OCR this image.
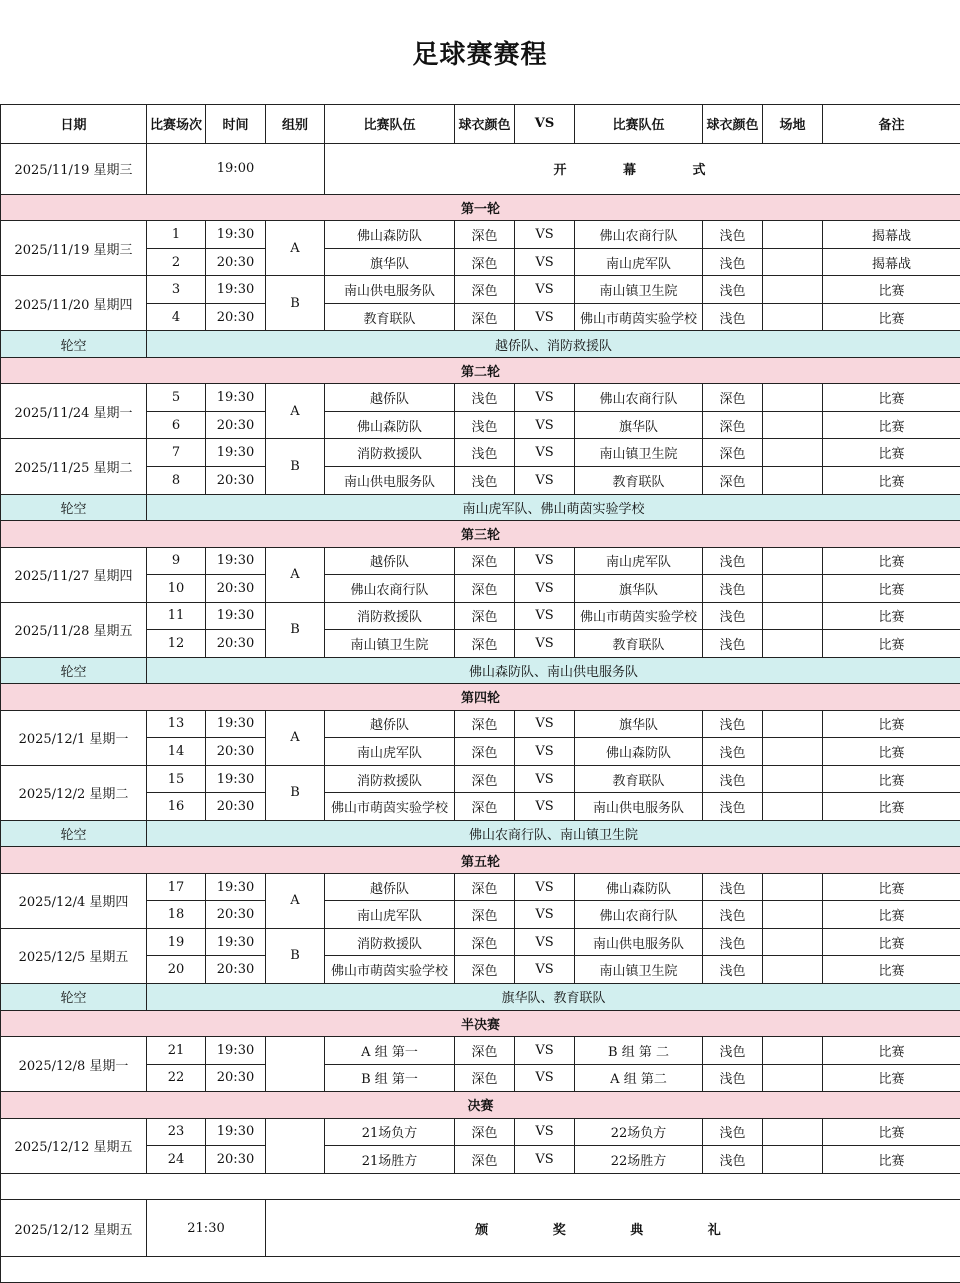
足球赛赛程
日期	比赛场次	时间	组别	比赛队伍	球衣颜色	VS	比赛队伍	球衣颜色	场地	备注
2025/11/19 星期三	19:00			开 幕 式						
第一轮										
2025/11/19 星期三	1	19:30	A	佛山森防队	深色	VS	佛山农商行队	浅色		揭幕战
	2	20:30		旗华队	深色	VS	南山虎军队	浅色		揭幕战
2025/11/20 星期四	3	19:30	B	南山供电服务队	深色	VS	南山镇卫生院	浅色		比赛
	4	20:30		教育联队	深色	VS	佛山市萌茵实验学校	浅色		比赛
轮空	越侨队、消防救援队									
第二轮										
2025/11/24 星期一	5	19:30	A	越侨队	浅色	VS	佛山农商行队	深色		比赛
	6	20:30		佛山森防队	浅色	VS	旗华队	深色		比赛
2025/11/25 星期二	7	19:30	B	消防救援队	浅色	VS	南山镇卫生院	深色		比赛
	8	20:30		南山供电服务队	浅色	VS	教育联队	深色		比赛
轮空	南山虎军队、佛山萌茵实验学校									
第三轮										
2025/11/27 星期四	9	19:30	A	越侨队	深色	VS	南山虎军队	浅色		比赛
	10	20:30		佛山农商行队	深色	VS	旗华队	浅色		比赛
2025/11/28 星期五	11	19:30	B	消防救援队	深色	VS	佛山市萌茵实验学校	浅色		比赛
	12	20:30		南山镇卫生院	深色	VS	教育联队	浅色		比赛
轮空	佛山森防队、南山供电服务队									
第四轮										
2025/12/1 星期一	13	19:30	A	越侨队	深色	VS	旗华队	浅色		比赛
	14	20:30		南山虎军队	深色	VS	佛山森防队	浅色		比赛
2025/12/2 星期二	15	19:30	B	消防救援队	深色	VS	教育联队	浅色		比赛
	16	20:30		佛山市萌茵实验学校	深色	VS	南山供电服务队	浅色		比赛
轮空	佛山农商行队、南山镇卫生院									
第五轮										
2025/12/4 星期四	17	19:30	A	越侨队	深色	VS	佛山森防队	浅色		比赛
	18	20:30		南山虎军队	深色	VS	佛山农商行队	浅色		比赛
2025/12/5 星期五	19	19:30	B	消防救援队	深色	VS	南山供电服务队	浅色		比赛
	20	20:30		佛山市萌茵实验学校	深色	VS	南山镇卫生院	浅色		比赛
轮空	旗华队、教育联队									
半决赛										
2025/12/8 星期一	21	19:30		A 组 第一	深色	VS	B 组 第 二	浅色		比赛
	22	20:30		B 组 第一	深色	VS	A 组 第二	浅色		比赛
决赛										
2025/12/12 星期五	23	19:30		21场负方	深色	VS	22场负方	浅色		比赛
	24	20:30		21场胜方	深色	VS	22场胜方	浅色		比赛

2025/12/12 星期五	21:30		颁 奖 典 礼							
